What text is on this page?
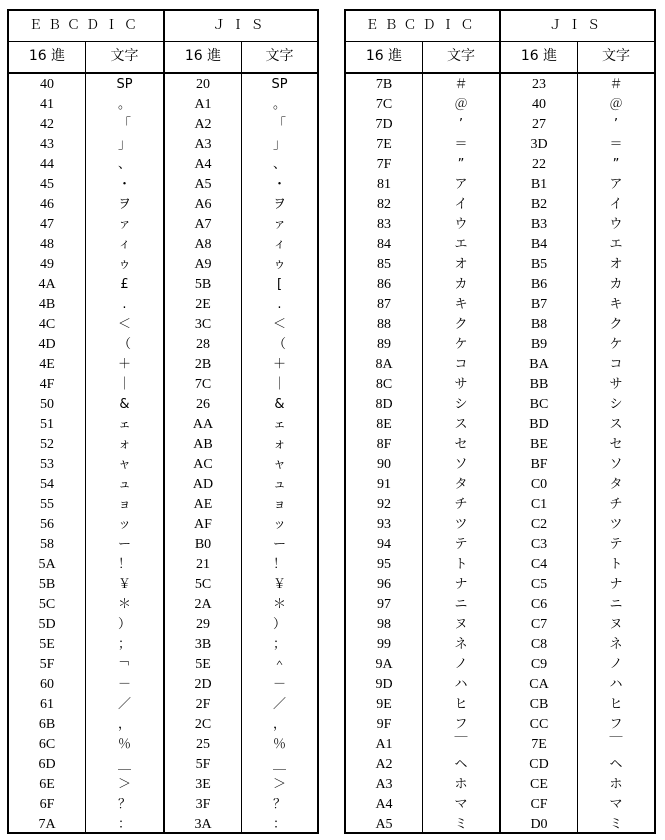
ＥＢＣＤＩＣ	ＪＩＳ
16 進	文字	16 進	文字
40	SP	20	SP
41	。	A1	。
42	「	A2	「
43	」	A3	」
44	、	A4	、
45	・	A5	・
46	ヲ	A6	ヲ
47	ァ	A7	ァ
48	ィ	A8	ィ
49	ゥ	A9	ゥ
4A	£	5B	[
4B	.	2E	.
4C	＜	3C	＜
4D	（	28	（
4E	＋	2B	＋
4F	｜	7C	｜
50	&	26	&
51	ェ	AA	ェ
52	ォ	AB	ォ
53	ャ	AC	ャ
54	ュ	AD	ュ
55	ョ	AE	ョ
56	ッ	AF	ッ
58	ー	B0	ー
5A	！	21	！
5B	￥	5C	￥
5C	＊	2A	＊
5D	）	29	）
5E	；	3B	；
5F	￢	5E	＾
60	－	2D	－
61	／	2F	／
6B	，	2C	，
6C	％	25	％
6D	＿	5F	＿
6E	＞	3E	＞
6F	？	3F	？
7A	：	3A	：
ＥＢＣＤＩＣ	ＪＩＳ
16 進	文字	16 進	文字
7B	＃	23	＃
7C	＠	40	＠
7D	’	27	’
7E	＝	3D	＝
7F	”	22	”
81	ア	B1	ア
82	イ	B2	イ
83	ウ	B3	ウ
84	エ	B4	エ
85	オ	B5	オ
86	カ	B6	カ
87	キ	B7	キ
88	ク	B8	ク
89	ケ	B9	ケ
8A	コ	BA	コ
8C	サ	BB	サ
8D	シ	BC	シ
8E	ス	BD	ス
8F	セ	BE	セ
90	ソ	BF	ソ
91	タ	C0	タ
92	チ	C1	チ
93	ツ	C2	ツ
94	テ	C3	テ
95	ト	C4	ト
96	ナ	C5	ナ
97	ニ	C6	ニ
98	ヌ	C7	ヌ
99	ネ	C8	ネ
9A	ノ	C9	ノ
9D	ハ	CA	ハ
9E	ヒ	CB	ヒ
9F	フ	CC	フ
A1	￣	7E	￣
A2	ヘ	CD	ヘ
A3	ホ	CE	ホ
A4	マ	CF	マ
A5	ミ	D0	ミ
